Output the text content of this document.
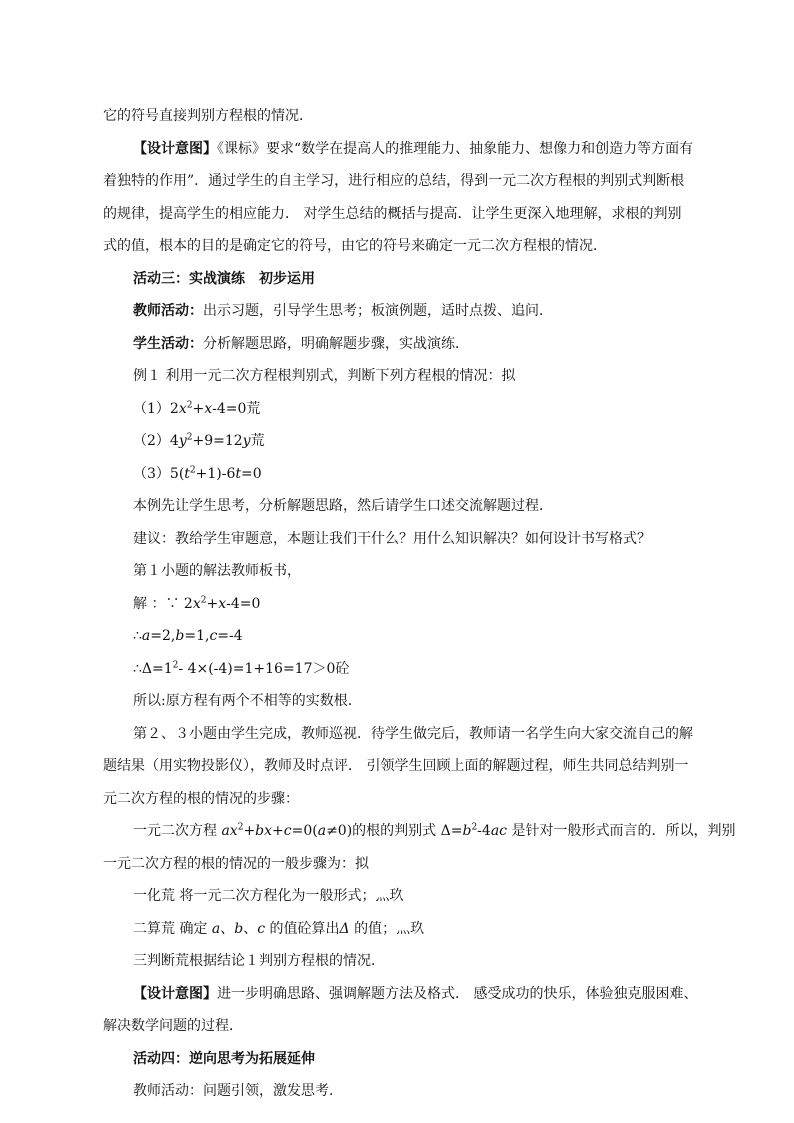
它的符号直接判别方程根的情况．

【设计意图】《课标》要求“数学在提高人的推理能力、抽象能力、想像力和创造力等方面有

着独特的作用”．通过学生的自主学习，进行相应的总结，得到一元二次方程根的判别式判断根

的规律，提高学生的相应能力． 对学生总结的概括与提高．让学生更深入地理解，求根的判别

式的值，根本的目的是确定它的符号，由它的符号来确定一元二次方程根的情况．

活动三：实战演练　初步运用

教师活动：出示习题，引导学生思考；板演例题，适时点拨、追问．

学生活动：分析解题思路，明确解题步骤，实战演练．

例１ 利用一元二次方程根判别式，判断下列方程根的情况：拟

$(1)2x^2+x-4=0$荒

$(2)4y^2+9=12y$荒

$(3)5(t^2+1)-6t=0$

本例先让学生思考，分析解题思路，然后请学生口述交流解题过程．

建议：教给学生审题意，本题让我们干什么？用什么知识解决？如何设计书写格式？

第１小题的解法教师板书，

解 ：∵ $2x^2+x-4=0$

∴a=2,b=1,c=-4

$\therefore\Delta=1^2-$ 4×(-4)=1+16=17＞0砼

所以:原方程有两个不相等的实数根．

第２、３小题由学生完成，教师巡视．待学生做完后，教师请一名学生向大家交流自己的解

题结果（用实物投影仪），教师及时点评． 引领学生回顾上面的解题过程，师生共同总结判别一

元二次方程的根的情况的步骤：

一元二次方程 $ax^2+bx+c=0(a\ne 0)$的根的判别式 $\Delta=b^2-4ac$ 是针对一般形式而言的．所以，判别

一元二次方程的根的情况的一般步骤为：拟

一化荒 将一元二次方程化为一般形式；灬玖

二算荒 确定 a、b、c 的值砼算出Δ 的值；灬玖

三判断荒根据结论１判别方程根的情况．

【设计意图】进一步明确思路、强调解题方法及格式． 感受成功的快乐，体验独克服困难、

解决数学问题的过程．

活动四：逆向思考为拓展延伸

教师活动：问题引领，激发思考．
